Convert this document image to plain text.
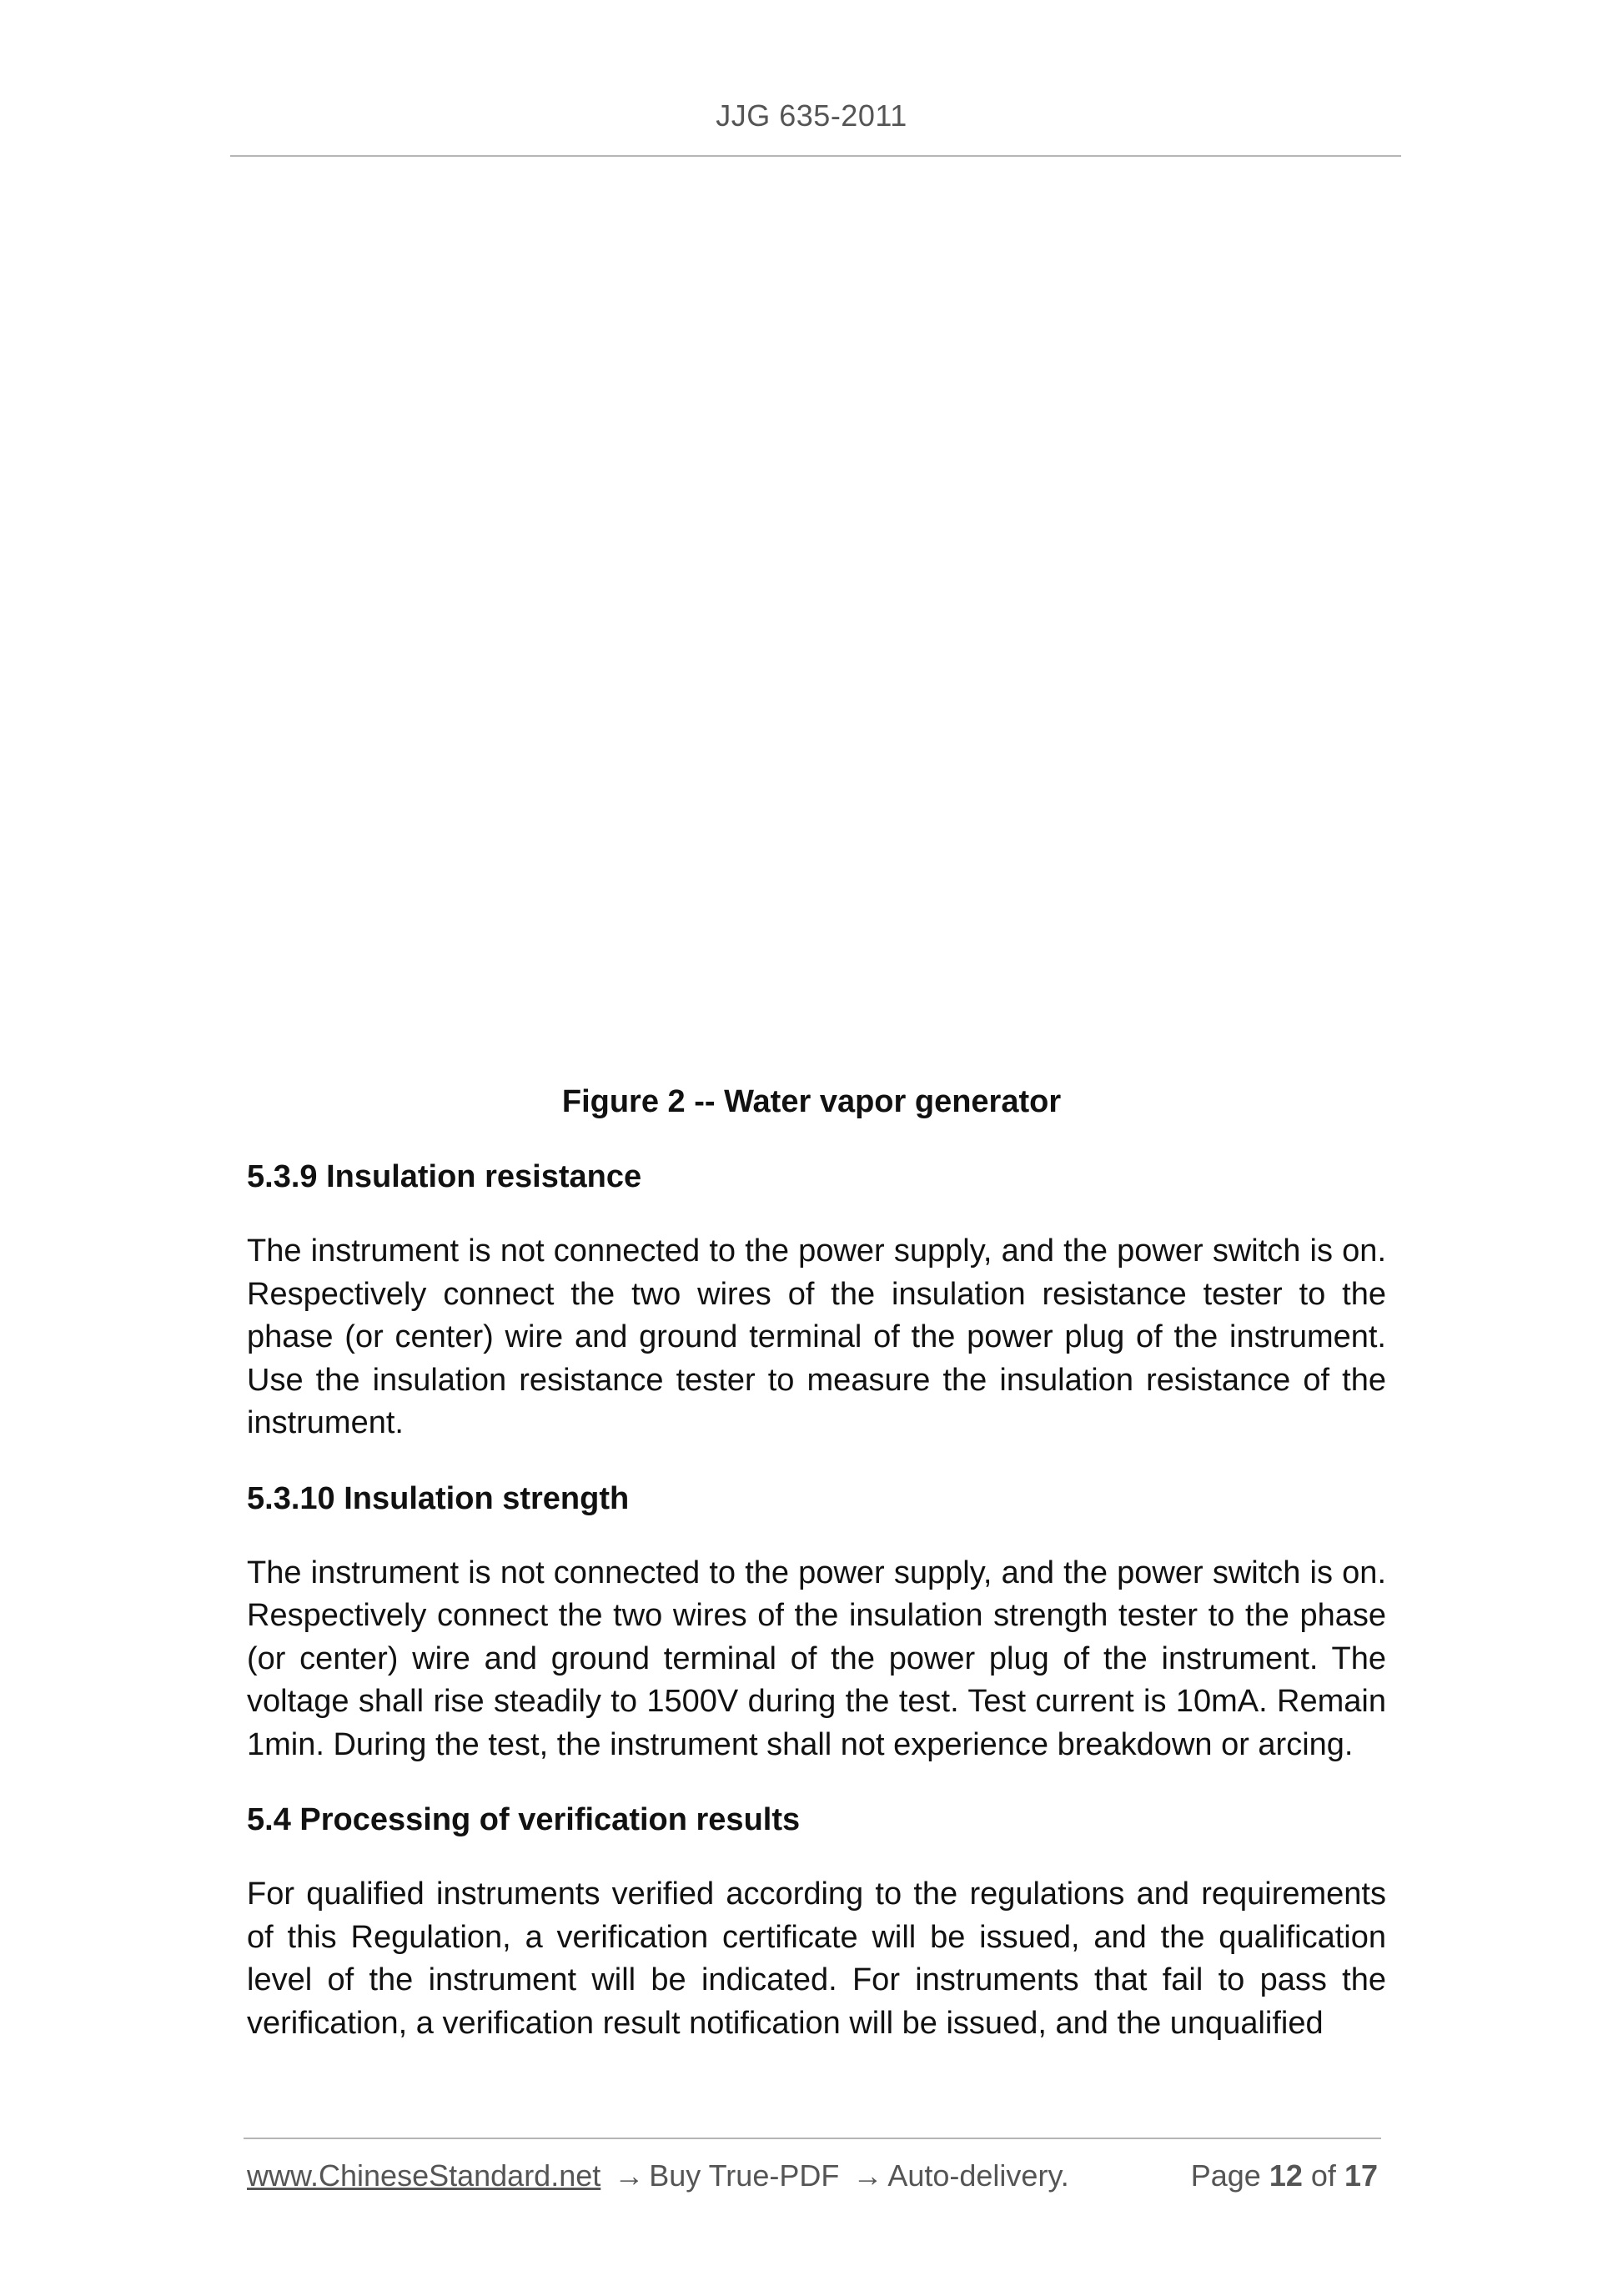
JJG 635-2011
Figure 2 -- Water vapor generator
5.3.9 Insulation resistance
The instrument is not connected to the power supply, and the power switch is on. Respectively connect the two wires of the insulation resistance tester to the phase (or center) wire and ground terminal of the power plug of the instrument. Use the insulation resistance tester to measure the insulation resistance of the instrument.
5.3.10 Insulation strength
The instrument is not connected to the power supply, and the power switch is on. Respectively connect the two wires of the insulation strength tester to the phase (or center) wire and ground terminal of the power plug of the instrument. The voltage shall rise steadily to 1500V during the test. Test current is 10mA. Remain 1min. During the test, the instrument shall not experience breakdown or arcing.
5.4 Processing of verification results
For qualified instruments verified according to the regulations and requirements of this Regulation, a verification certificate will be issued, and the qualification level of the instrument will be indicated. For instruments that fail to pass the verification, a verification result notification will be issued, and the unqualified
www.ChineseStandard.net → Buy True-PDF → Auto-delivery.	Page 12 of 17
